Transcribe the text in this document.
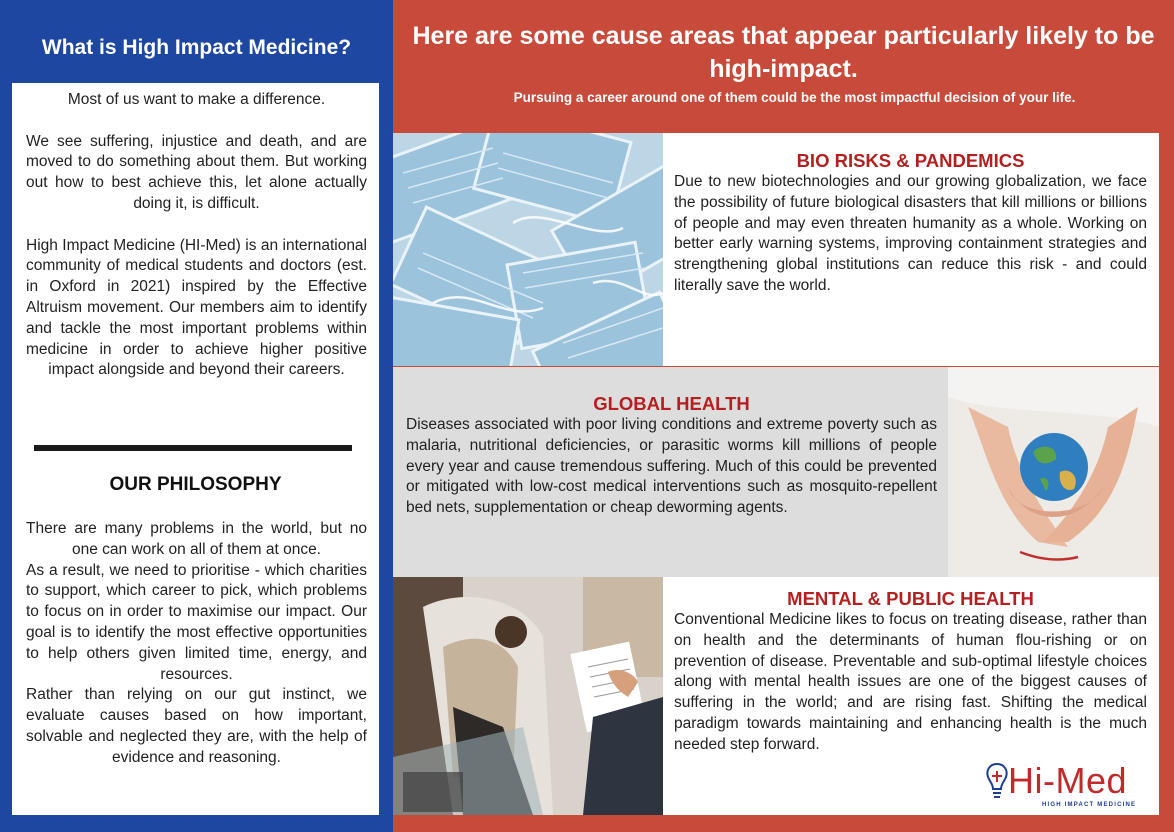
What is High Impact Medicine?

Most of us want to make a difference.

We see suffering, injustice and death, and are moved to do something about them. But working out how to best achieve this, let alone actually doing it, is difficult.

High Impact Medicine (HI-Med) is an international community of medical students and doctors (est. in Oxford in 2021) inspired by the Effective Altruism movement. Our members aim to identify and tackle the most important problems within medicine in order to achieve higher positive impact alongside and beyond their careers.

OUR PHILOSOPHY

There are many problems in the world, but no one can work on all of them at once.

As a result, we need to prioritise - which charities to support, which career to pick, which problems to focus on in order to maximise our impact. Our goal is to identify the most effective opportunities to help others given limited time, energy, and resources.

Rather than relying on our gut instinct, we evaluate causes based on how important, solvable and neglected they are, with the help of evidence and reasoning.

Here are some cause areas that appear particularly likely to be high-impact.
Pursuing a career around one of them could be the most impactful decision of your life.
BIO RISKS & PANDEMICS
Due to new biotechnologies and our growing globalization, we face the possibility of future biological disasters that kill millions or billions of people and may even threaten humanity as a whole. Working on better early warning systems, improving containment strategies and strengthening global institutions can reduce this risk - and could literally save the world.
GLOBAL HEALTH
Diseases associated with poor living conditions and extreme poverty such as malaria, nutritional deficiencies, or parasitic worms kill millions of people every year and cause tremendous suffering. Much of this could be prevented or mitigated with low-cost medical interventions such as mosquito-repellent bed nets, supplementation or cheap deworming agents.
MENTAL & PUBLIC HEALTH
Conventional Medicine likes to focus on treating disease, rather than on health and the determinants of human flou-rishing or on prevention of disease. Preventable and sub-optimal lifestyle choices along with mental health issues are one of the biggest causes of suffering in the world; and are rising fast. Shifting the medical paradigm towards maintaining and enhancing health is the much needed step forward.
Hi-Med
HIGH IMPACT MEDICINE
